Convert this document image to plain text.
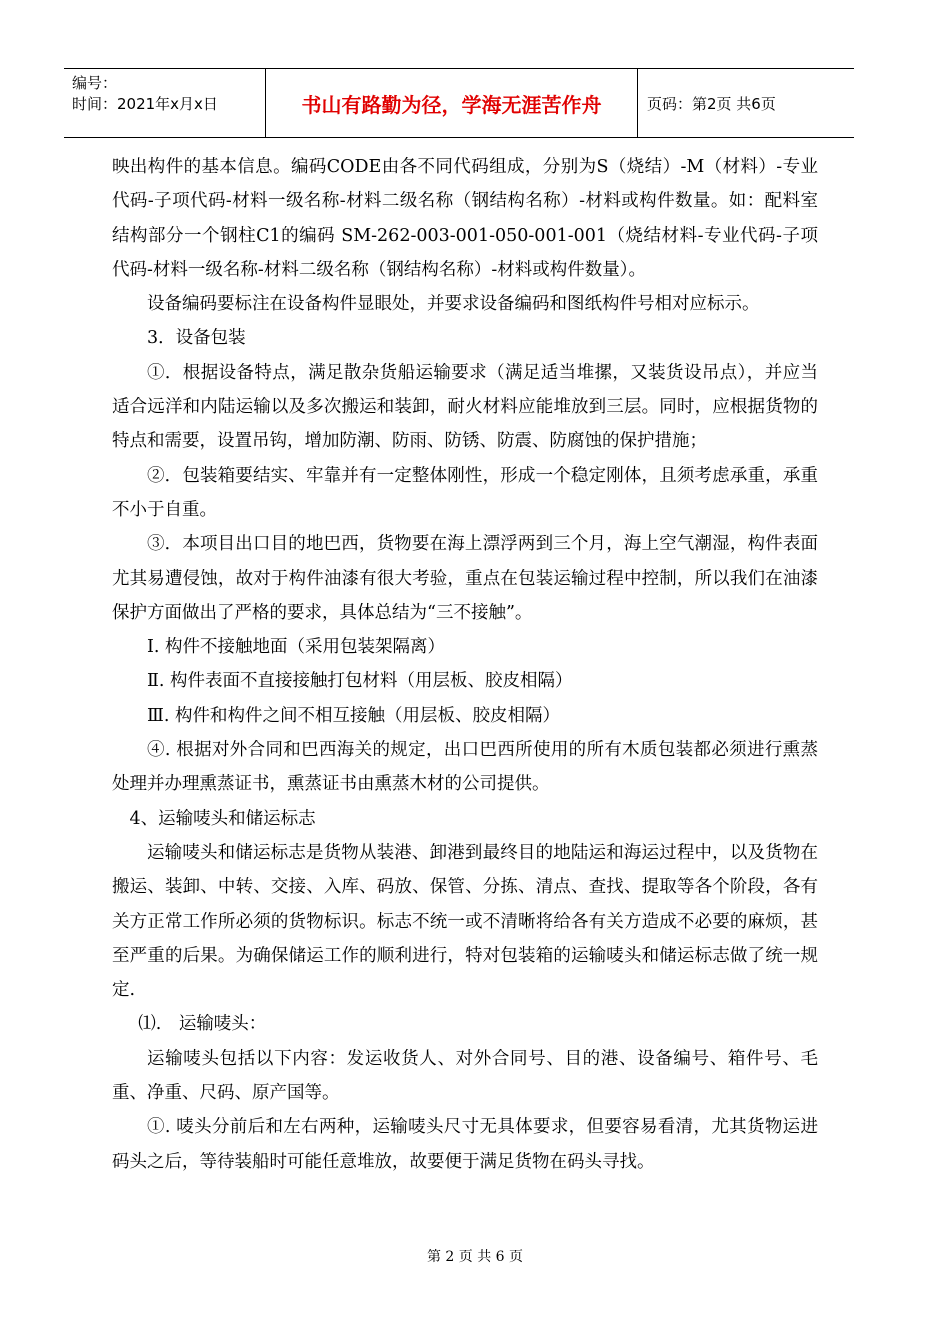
编号：
时间：2021年x月x日	书山有路勤为径，学海无涯苦作舟	页码：第2页 共6页

映出构件的基本信息。编码CODE由各不同代码组成，分别为S（烧结）-M（材料）-专业代码-子项代码-材料一级名称-材料二级名称（钢结构名称）-材料或构件数量。如：配料室结构部分一个钢柱C1的编码 SM-262-003-001-050-001-001（烧结材料-专业代码-子项代码-材料一级名称-材料二级名称（钢结构名称）-材料或构件数量）。

设备编码要标注在设备构件显眼处，并要求设备编码和图纸构件号相对应标示。

3．设备包装

①．根据设备特点，满足散杂货船运输要求（满足适当堆摞，又装货设吊点），并应当适合远洋和内陆运输以及多次搬运和装卸，耐火材料应能堆放到三层。同时，应根据货物的特点和需要，设置吊钩，增加防潮、防雨、防锈、防震、防腐蚀的保护措施；

②．包装箱要结实、牢靠并有一定整体刚性，形成一个稳定刚体，且须考虑承重，承重不小于自重。

③．本项目出口目的地巴西，货物要在海上漂浮两到三个月，海上空气潮湿，构件表面尤其易遭侵蚀，故对于构件油漆有很大考验，重点在包装运输过程中控制，所以我们在油漆保护方面做出了严格的要求，具体总结为“三不接触”。

Ⅰ. 构件不接触地面（采用包装架隔离）

Ⅱ. 构件表面不直接接触打包材料（用层板、胶皮相隔）

Ⅲ. 构件和构件之间不相互接触（用层板、胶皮相隔）

④. 根据对外合同和巴西海关的规定，出口巴西所使用的所有木质包装都必须进行熏蒸处理并办理熏蒸证书，熏蒸证书由熏蒸木材的公司提供。

4、运输唛头和储运标志

运输唛头和储运标志是货物从装港、卸港到最终目的地陆运和海运过程中，以及货物在搬运、装卸、中转、交接、入库、码放、保管、分拣、清点、查找、提取等各个阶段，各有关方正常工作所必须的货物标识。标志不统一或不清晰将给各有关方造成不必要的麻烦，甚至严重的后果。为确保储运工作的顺利进行，特对包装箱的运输唛头和储运标志做了统一规定.

⑴.　运输唛头：

运输唛头包括以下内容：发运收货人、对外合同号、目的港、设备编号、箱件号、毛重、净重、尺码、原产国等。

①. 唛头分前后和左右两种，运输唛头尺寸无具体要求，但要容易看清，尤其货物运进码头之后，等待装船时可能任意堆放，故要便于满足货物在码头寻找。

第 2 页 共 6 页
